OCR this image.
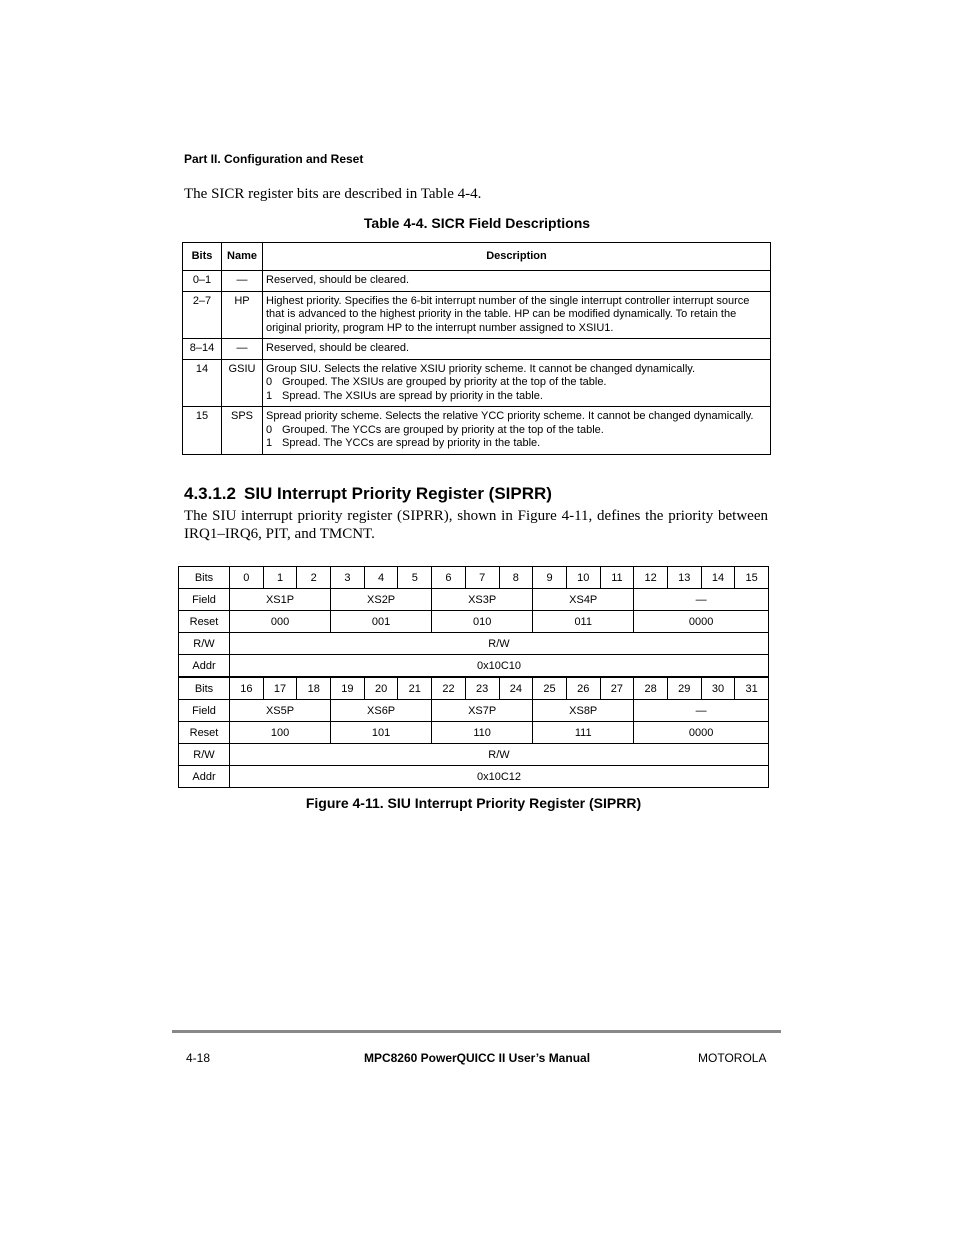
Part II. Configuration and Reset
The SICR register bits are described in Table 4-4.
Table 4-4. SICR Field Descriptions
Bits	Name	Description
0–1	—	Reserved, should be cleared.
2–7	HP	Highest priority. Specifies the 6-bit interrupt number of the single interrupt controller interrupt source that is advanced to the highest priority in the table. HP can be modified dynamically. To retain the original priority, program HP to the interrupt number assigned to XSIU1.
8–14	—	Reserved, should be cleared.
14	GSIU	Group SIU. Selects the relative XSIU priority scheme. It cannot be changed dynamically.
0 Grouped. The XSIUs are grouped by priority at the top of the table.
1 Spread. The XSIUs are spread by priority in the table.

15	SPS	Spread priority scheme. Selects the relative YCC priority scheme. It cannot be changed dynamically.
0 Grouped. The YCCs are grouped by priority at the top of the table.
1 Spread. The YCCs are spread by priority in the table.
4.3.1.2 SIU Interrupt Priority Register (SIPRR)
The SIU interrupt priority register (SIPRR), shown in Figure 4-11, defines the priority between IRQ1–IRQ6, PIT, and TMCNT.
Bits	0	1	2	3	4	5	6	7	8	9	10	11	12	13	14	15
Field	XS1P			XS2P			XS3P			XS4P			—			
Reset	000			001			010			011			0000			
R/W	R/W															
Addr	0x10C10															
Bits	16	17	18	19	20	21	22	23	24	25	26	27	28	29	30	31
Field	XS5P			XS6P			XS7P			XS8P			—			
Reset	100			101			110			111			0000			
R/W	R/W															
Addr	0x10C12															
Figure 4-11. SIU Interrupt Priority Register (SIPRR)
4-18	MPC8260 PowerQUICC II User’s Manual	MOTOROLA
